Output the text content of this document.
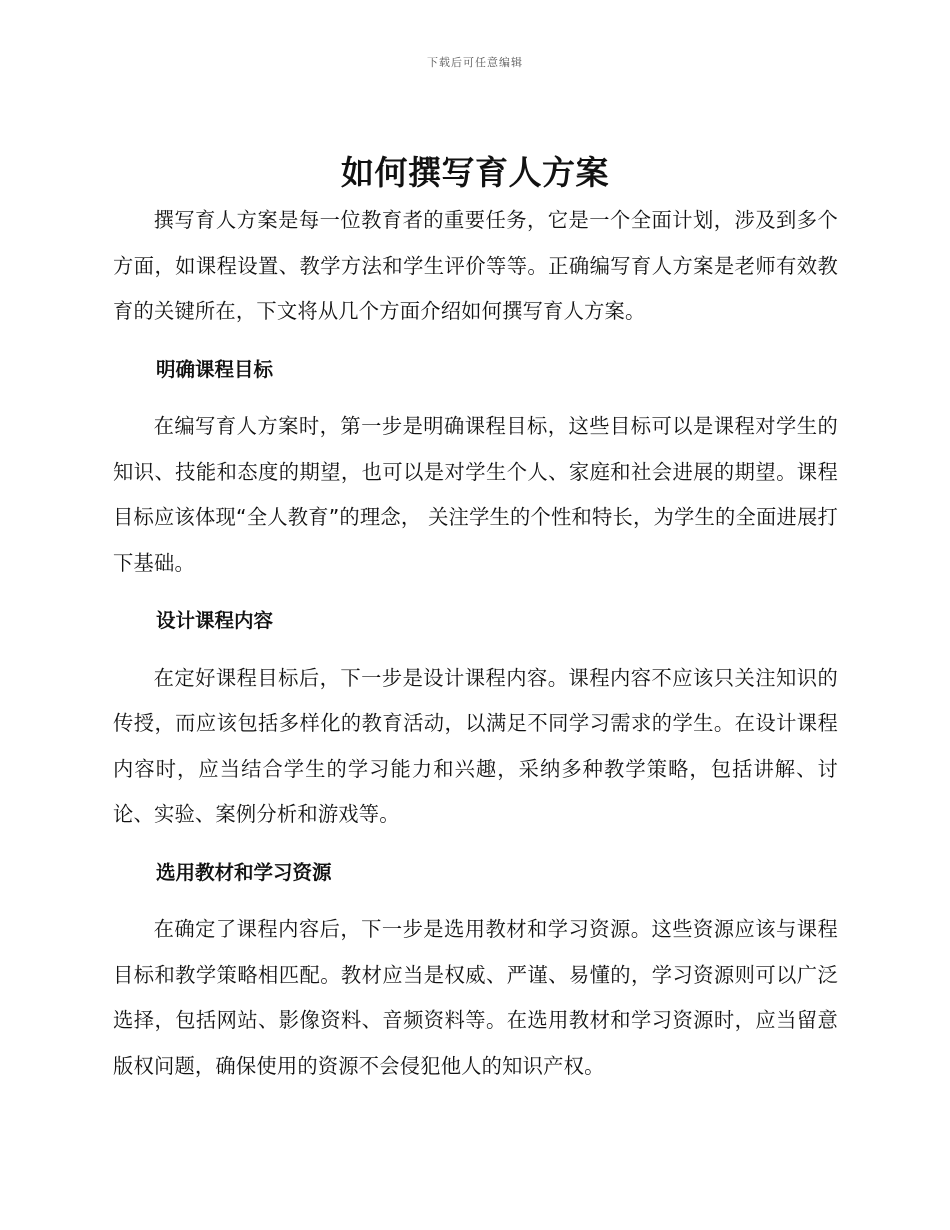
下载后可任意编辑
如何撰写育人方案

撰写育人方案是每一位教育者的重要任务，它是一个全面计划，涉及到多个方面，如课程设置、教学方法和学生评价等等。正确编写育人方案是老师有效教育的关键所在，下文将从几个方面介绍如何撰写育人方案。

明确课程目标

在编写育人方案时，第一步是明确课程目标，这些目标可以是课程对学生的知识、技能和态度的期望，也可以是对学生个人、家庭和社会进展的期望。课程目标应该体现“全人教育”的理念， 关注学生的个性和特长，为学生的全面进展打下基础。

设计课程内容

在定好课程目标后，下一步是设计课程内容。课程内容不应该只关注知识的传授，而应该包括多样化的教育活动，以满足不同学习需求的学生。在设计课程内容时，应当结合学生的学习能力和兴趣，采纳多种教学策略，包括讲解、讨论、实验、案例分析和游戏等。

选用教材和学习资源

在确定了课程内容后，下一步是选用教材和学习资源。这些资源应该与课程目标和教学策略相匹配。教材应当是权威、严谨、易懂的，学习资源则可以广泛选择，包括网站、影像资料、音频资料等。在选用教材和学习资源时，应当留意版权问题，确保使用的资源不会侵犯他人的知识产权。
